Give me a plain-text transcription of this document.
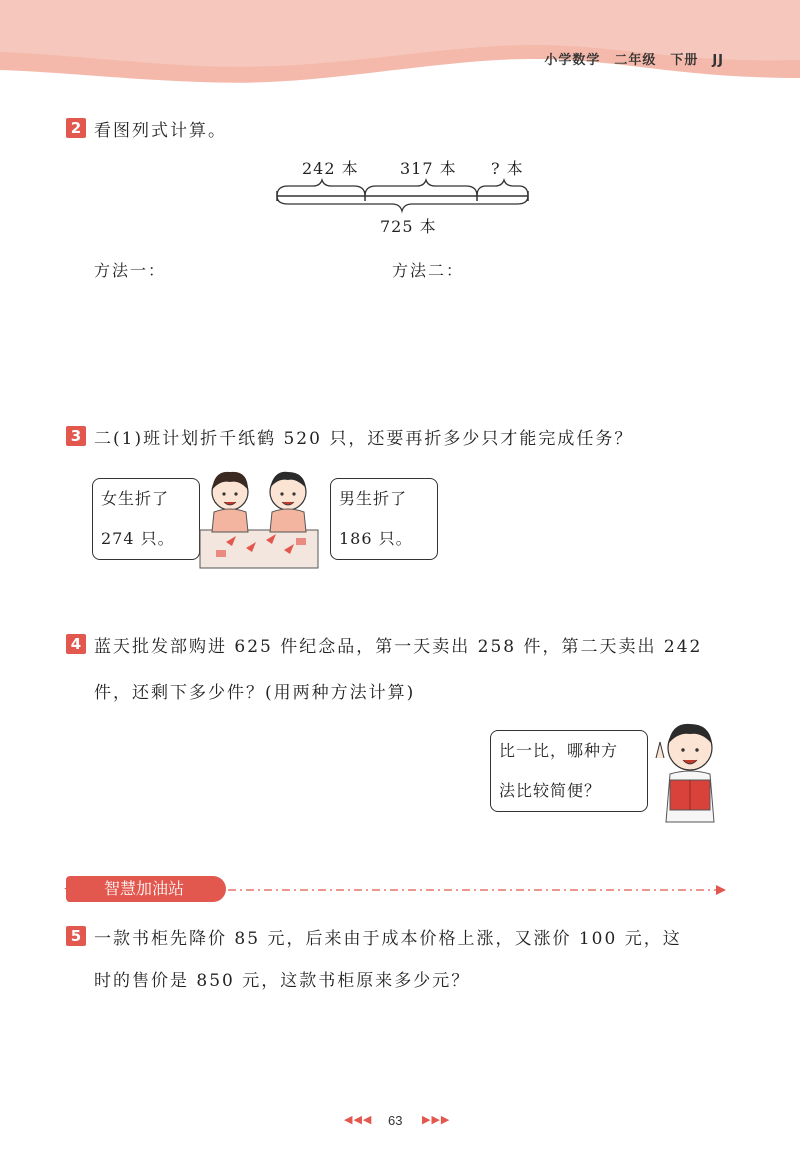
小学数学　二年级　下册　JJ
2 看图列式计算。
242 本	317 本 ? 本
725 本
方法一：	方法二：
3 二(1)班计划折千纸鹤 520 只，还要再折多少只才能完成任务？
女生折了
274 只。
男生折了
186 只。
4 蓝天批发部购进 625 件纪念品，第一天卖出 258 件，第二天卖出 242
件，还剩下多少件？(用两种方法计算)
比一比，哪种方
法比较简便？
智慧加油站
5 一款书柜先降价 85 元，后来由于成本价格上涨，又涨价 100 元，这
时的售价是 850 元，这款书柜原来多少元？
◀◀◀ 63 ▶▶▶
